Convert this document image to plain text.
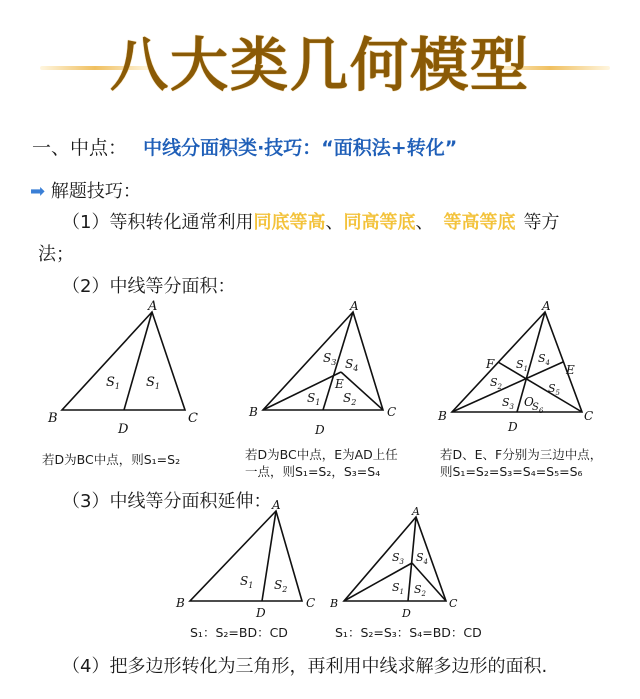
八大类几何模型
一、中点： 中线分面积类·技巧：“面积法+转化”
➡ 解题技巧：
（1）等积转化通常利用同底等高、同高等底、 等高等底 等方
法；
（2）中线等分面积：
A
B	C
D
$S_1$ $S_1$
A
B	C
D
E
$S_3$ $S_4$
$S_1$ $S_2$
A
B	C
D
E
F
O
$S_1$
$S_4$
$S_2$	$S_5$
$S_3$ $S_6$
若D为BC中点，则S₁=S₂	若D为BC中点，E为AD上任
一点，则S₁=S₂，S₃=S₄
若D、E、F分别为三边中点，
则S₁=S₂=S₃=S₄=S₅=S₆
（3）中线等分面积延伸： A
B	C
D
$S_1$ $S_2$
A
B	C
D
$S_3$ $S_4$
$S_1$ $S_2$
S₁：S₂=BD：CD	S₁：S₂=S₃：S₄=BD：CD
（4）把多边形转化为三角形，再利用中线求解多边形的面积.
